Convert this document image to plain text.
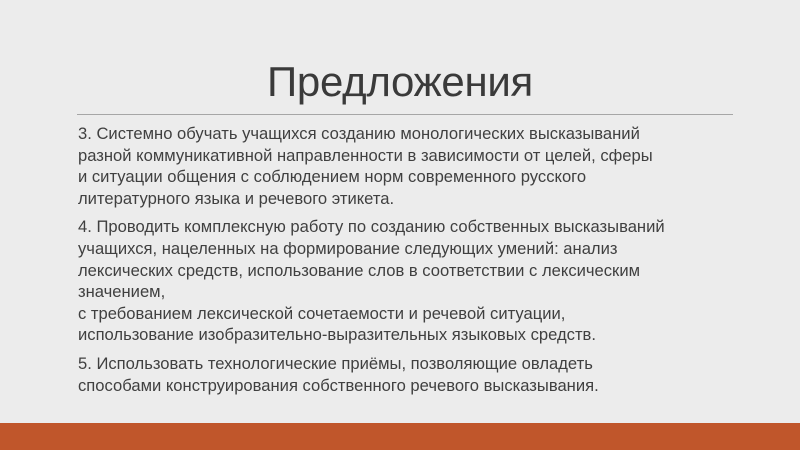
Предложения
3. Системно обучать учащихся созданию монологических высказываний
разной коммуникативной направленности в зависимости от целей, сферы
и ситуации общения с соблюдением норм современного русского
литературного языка и речевого этикета.
4. Проводить комплексную работу по созданию собственных высказываний
учащихся, нацеленных на формирование следующих умений: анализ
лексических средств, использование слов в соответствии с лексическим
значением,
с требованием лексической сочетаемости и речевой ситуации,
использование изобразительно-выразительных языковых средств.
5. Использовать технологические приёмы, позволяющие овладеть
способами конструирования собственного речевого высказывания.
